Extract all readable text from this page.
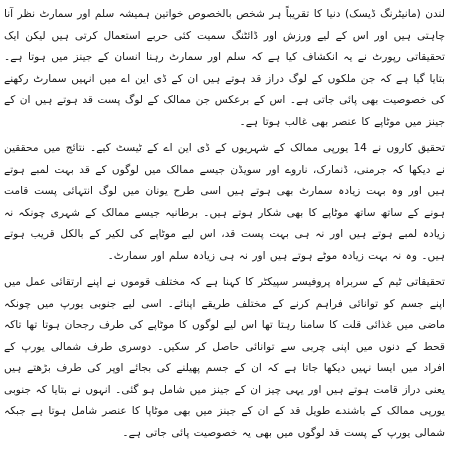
لندن (مانیٹرنگ ڈیسک) دنیا کا تقریباً ہر شخص بالخصوص خواتین ہمیشہ سلم اور سمارٹ نظر آنا چاہتی ہیں اور اس کے لیے ورزش اور ڈائٹنگ سمیت کئی حربے استعمال کرتی ہیں لیکن ایک تحقیقاتی رپورٹ نے یہ انکشاف کیا ہے کہ سلم اور سمارٹ رہنا انسان کے جینز میں ہوتا ہے۔ بتایا گیا ہے کہ جن ملکوں کے لوگ دراز قد ہوتے ہیں ان کے ڈی این اے میں انہیں سمارٹ رکھنے کی خصوصیت بھی پائی جاتی ہے۔ اس کے برعکس جن ممالک کے لوگ پست قد ہوتے ہیں ان کے جینز میں موٹاپے کا عنصر بھی غالب ہوتا ہے۔

تحقیق کاروں نے 14 یورپی ممالک کے شہریوں کے ڈی این اے کے ٹیسٹ کیے۔ نتائج میں محققین نے دیکھا کہ جرمنی، ڈنمارک، ناروے اور سویڈن جیسے ممالک میں لوگوں کے قد بہت لمبے ہوتے ہیں اور وہ بہت زیادہ سمارٹ بھی ہوتے ہیں اسی طرح یونان میں لوگ انتہائی پست قامت ہونے کے ساتھ ساتھ موٹاپے کا بھی شکار ہوتے ہیں۔ برطانیہ جیسے ممالک کے شہری چونکہ نہ زیادہ لمبے ہوتے ہیں اور نہ ہی بہت پست قد، اس لیے موٹاپے کی لکیر کے بالکل قریب ہوتے ہیں۔ وہ نہ بہت زیادہ موٹے ہوتے ہیں اور نہ ہی زیادہ سلم اور سمارٹ۔

تحقیقاتی ٹیم کے سربراہ پروفیسر سپیکٹر کا کہنا ہے کہ مختلف قوموں نے اپنے ارتقائی عمل میں اپنے جسم کو توانائی فراہم کرنے کے مختلف طریقے اپنائے۔ اسی لیے جنوبی یورپ میں چونکہ ماضی میں غذائی قلت کا سامنا رہتا تھا اس لیے لوگوں کا موٹاپے کی طرف رجحان ہوتا تھا تاکہ قحط کے دنوں میں اپنی چربی سے توانائی حاصل کر سکیں۔ دوسری طرف شمالی یورپ کے افراد میں ایسا نہیں دیکھا جاتا ہے کہ ان کے جسم پھیلنے کی بجائے اوپر کی طرف بڑھتے ہیں یعنی دراز قامت ہوتے ہیں اور یہی چیز ان کے جینز میں شامل ہو گئی۔ انہوں نے بتایا کہ جنوبی یورپی ممالک کے باشندے طویل قد کے ان کے جینز میں بھی موٹاپا کا عنصر شامل ہوتا ہے جبکہ شمالی یورپ کے پست قد لوگوں میں بھی یہ خصوصیت پائی جاتی ہے۔
